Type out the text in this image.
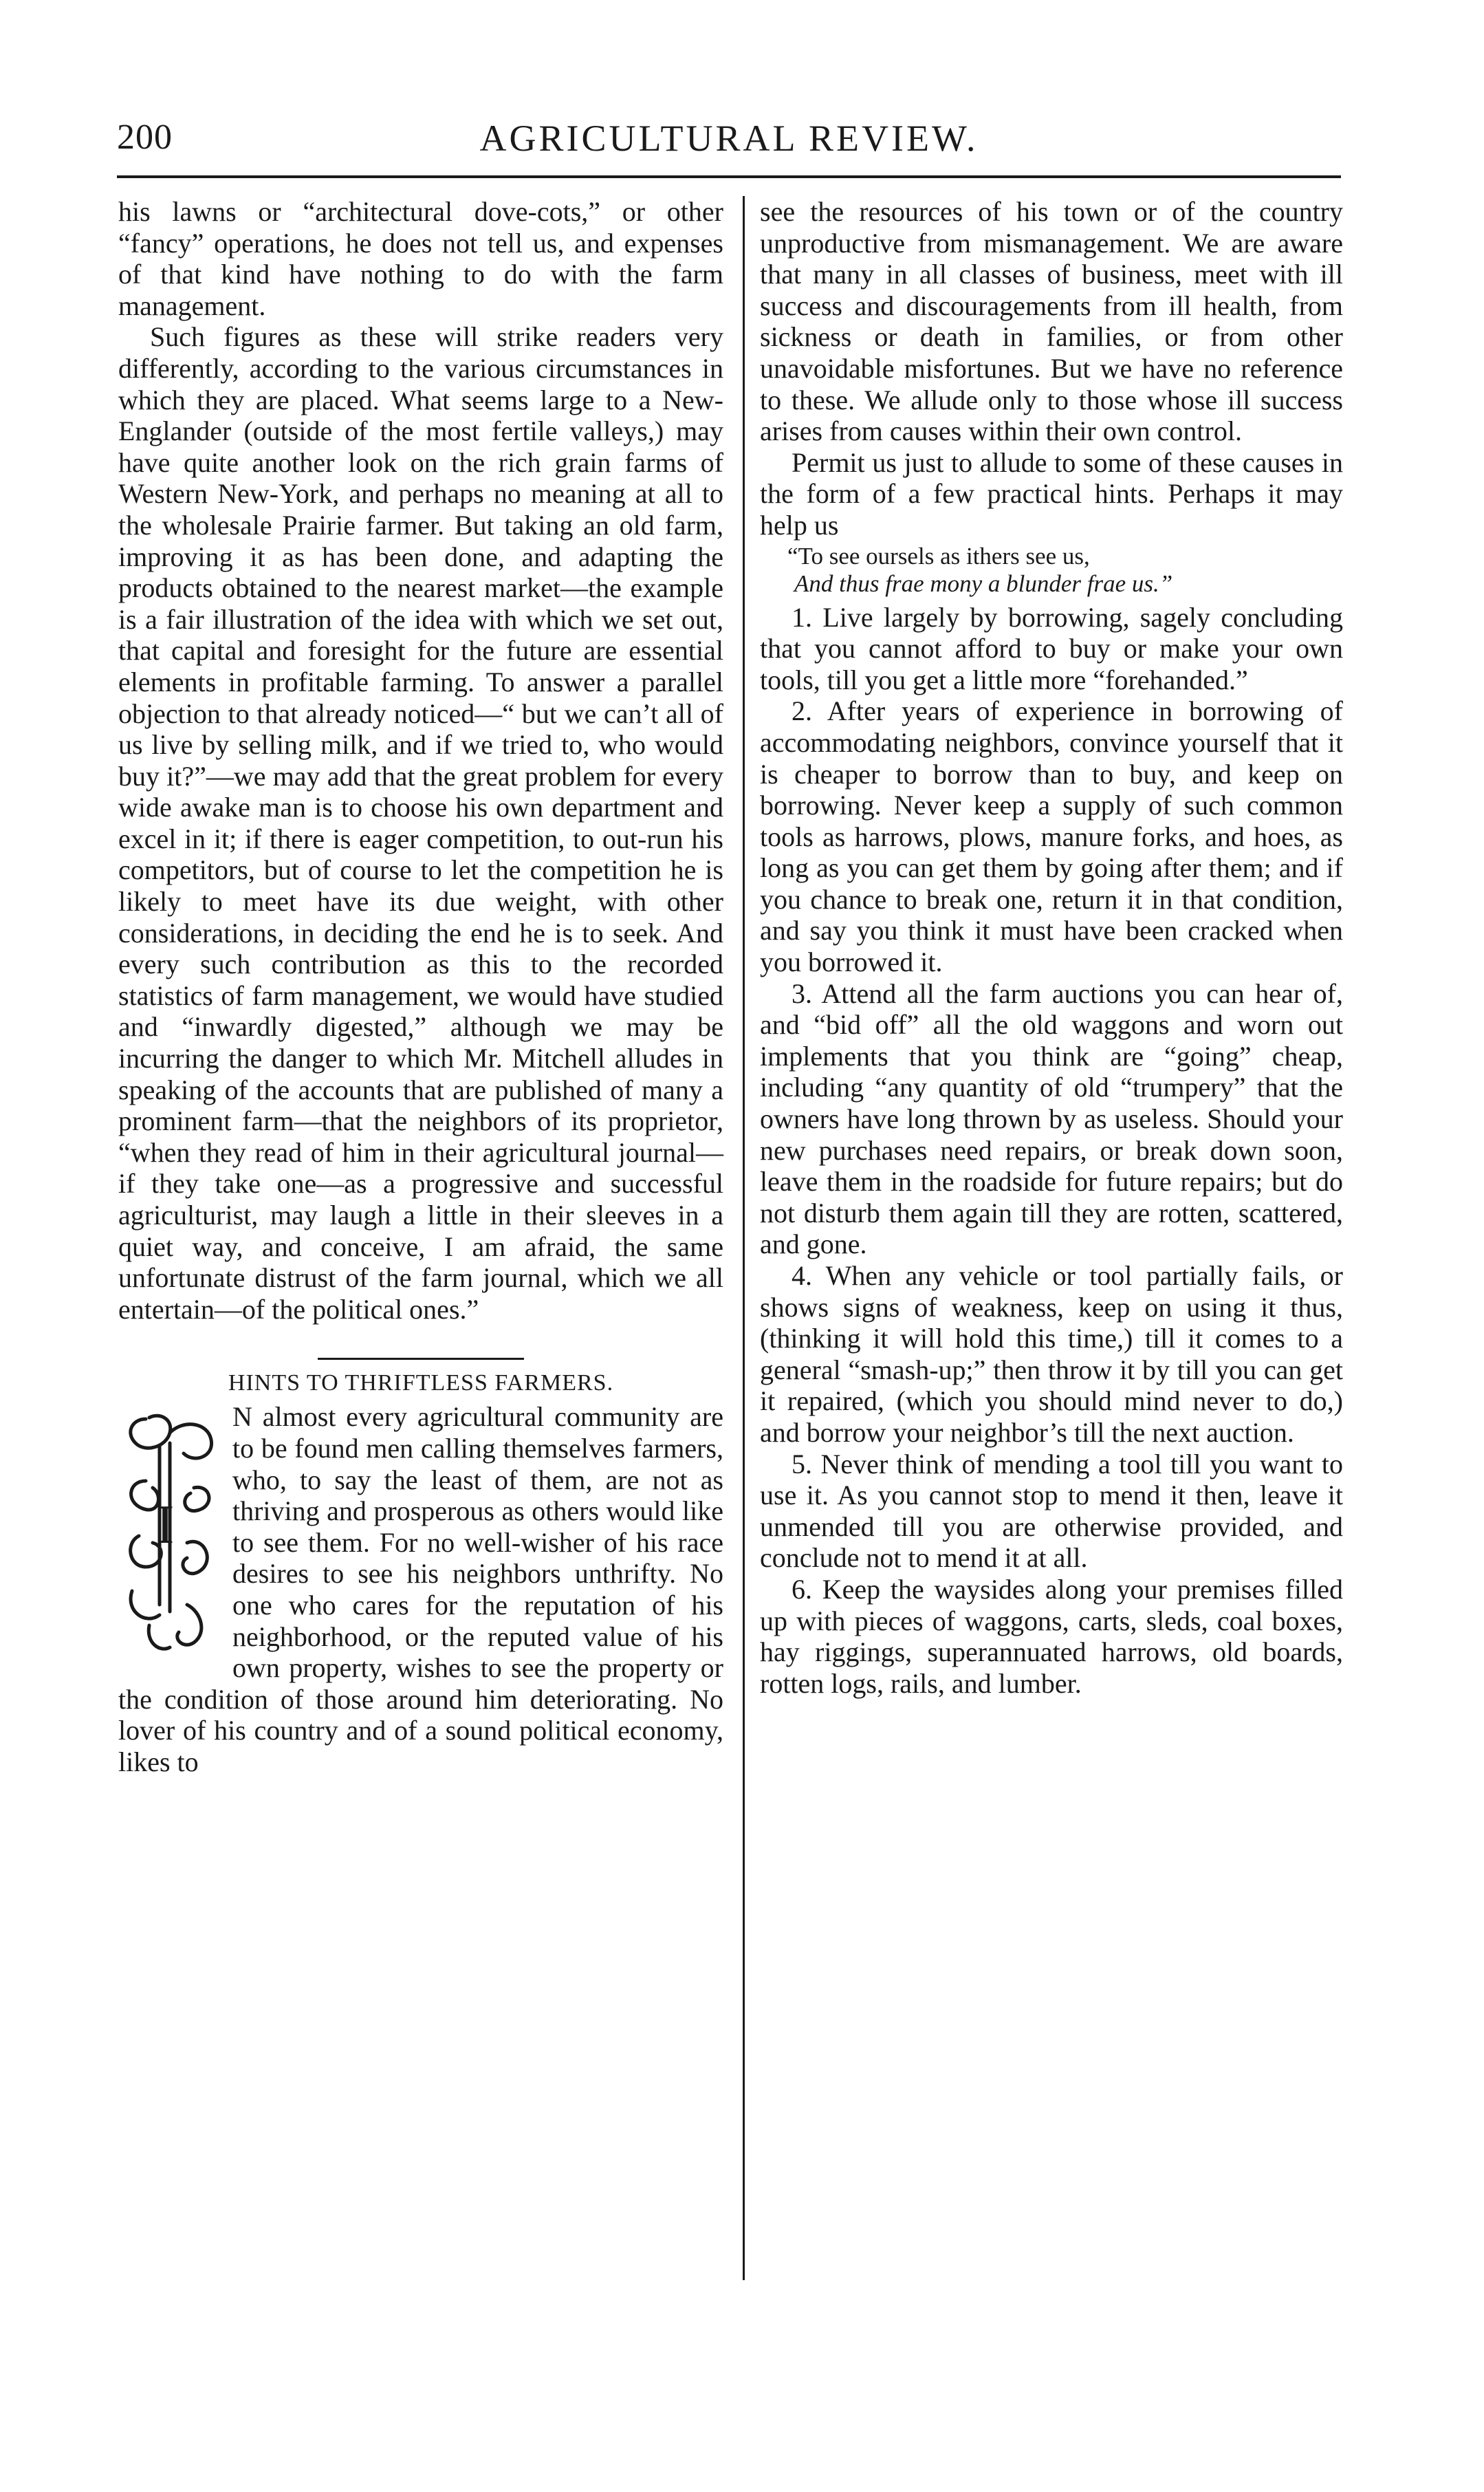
200	AGRICULTURAL REVIEW.

his lawns or “architectural dove-cots,” or other “fancy” operations, he does not tell us, and expenses of that kind have nothing to do with the farm management.

Such figures as these will strike readers very differently, according to the various circumstances in which they are placed. What seems large to a New-Englander (outside of the most fertile valleys,) may have quite another look on the rich grain farms of Western New-York, and perhaps no meaning at all to the wholesale Prairie farmer. But taking an old farm, improving it as has been done, and adapting the products obtained to the nearest market—the example is a fair illustration of the idea with which we set out, that capital and foresight for the future are essential elements in profitable farming. To answer a parallel objection to that already noticed—“ but we can’t all of us live by selling milk, and if we tried to, who would buy it?”—we may add that the great problem for every wide awake man is to choose his own department and excel in it; if there is eager competition, to out-run his competitors, but of course to let the competition he is likely to meet have its due weight, with other considerations, in deciding the end he is to seek. And every such contribution as this to the recorded statistics of farm management, we would have studied and “inwardly digested,” although we may be incurring the danger to which Mr. Mitchell alludes in speaking of the accounts that are published of many a prominent farm—that the neighbors of its proprietor, “when they read of him in their agricultural journal—if they take one—as a progressive and successful agriculturist, may laugh a little in their sleeves in a quiet way, and conceive, I am afraid, the same unfortunate distrust of the farm journal, which we all entertain—of the political ones.”

HINTS TO THRIFTLESS FARMERS.
I

N almost every agricultural community are to be found men calling themselves farmers, who, to say the least of them, are not as thriving and prosperous as others would like to see them. For no well-wisher of his race desires to see his neighbors unthrifty. No one who cares for the reputation of his neighborhood, or the reputed value of his own property, wishes to see the property or the condition of those around him deteriorating. No lover of his country and of a sound political economy, likes to

see the resources of his town or of the country unproductive from mismanagement. We are aware that many in all classes of business, meet with ill success and discouragements from ill health, from sickness or death in families, or from other unavoidable misfortunes. But we have no reference to these. We allude only to those whose ill success arises from causes within their own control.

Permit us just to allude to some of these causes in the form of a few practical hints. Perhaps it may help us

“To see oursels as ithers see us,
And thus frae mony a blunder frae us.”

1. Live largely by borrowing, sagely concluding that you cannot afford to buy or make your own tools, till you get a little more “forehanded.”

2. After years of experience in borrowing of accommodating neighbors, convince yourself that it is cheaper to borrow than to buy, and keep on borrowing. Never keep a supply of such common tools as harrows, plows, manure forks, and hoes, as long as you can get them by going after them; and if you chance to break one, return it in that condition, and say you think it must have been cracked when you borrowed it.

3. Attend all the farm auctions you can hear of, and “bid off” all the old waggons and worn out implements that you think are “going” cheap, including “any quantity of old “trumpery” that the owners have long thrown by as useless. Should your new purchases need repairs, or break down soon, leave them in the roadside for future repairs; but do not disturb them again till they are rotten, scattered, and gone.

4. When any vehicle or tool partially fails, or shows signs of weakness, keep on using it thus, (thinking it will hold this time,) till it comes to a general “smash-up;” then throw it by till you can get it repaired, (which you should mind never to do,) and borrow your neighbor’s till the next auction.

5. Never think of mending a tool till you want to use it. As you cannot stop to mend it then, leave it unmended till you are otherwise provided, and conclude not to mend it at all.

6. Keep the waysides along your premises filled up with pieces of waggons, carts, sleds, coal boxes, hay riggings, superannuated harrows, old boards, rotten logs, rails, and lumber.
